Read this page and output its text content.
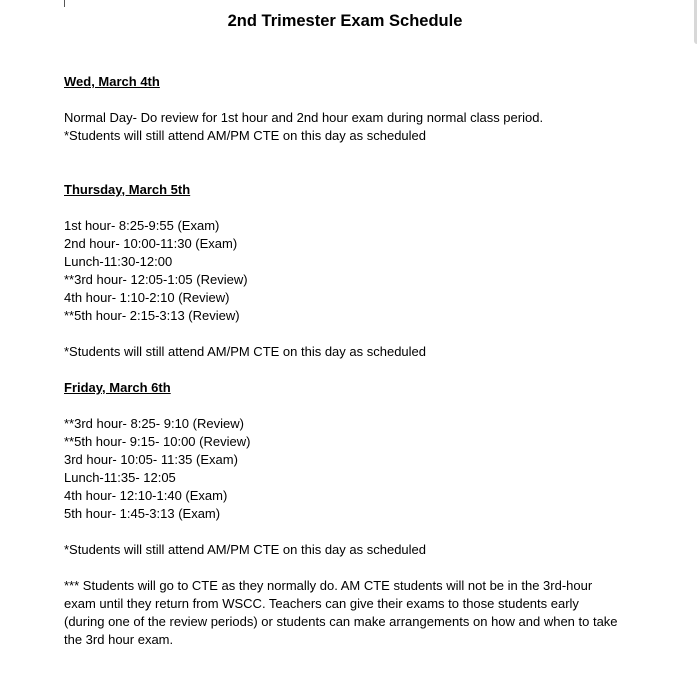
2nd Trimester Exam Schedule
Wed, March 4th
Normal Day- Do review for 1st hour and 2nd hour exam during normal class period.
*Students will still attend AM/PM CTE on this day as scheduled
Thursday, March 5th
1st hour- 8:25-9:55 (Exam)
2nd hour- 10:00-11:30 (Exam)
Lunch-11:30-12:00
**3rd hour- 12:05-1:05 (Review)
4th hour- 1:10-2:10 (Review)
**5th hour- 2:15-3:13 (Review)
*Students will still attend AM/PM CTE on this day as scheduled
Friday, March 6th
**3rd hour- 8:25- 9:10 (Review)
**5th hour- 9:15- 10:00 (Review)
3rd hour- 10:05- 11:35 (Exam)
Lunch-11:35- 12:05
4th hour- 12:10-1:40 (Exam)
5th hour- 1:45-3:13 (Exam)
*Students will still attend AM/PM CTE on this day as scheduled
*** Students will go to CTE as they normally do. AM CTE students will not be in the 3rd-hour exam until they return from WSCC. Teachers can give their exams to those students early (during one of the review periods) or students can make arrangements on how and when to take the 3rd hour exam.
